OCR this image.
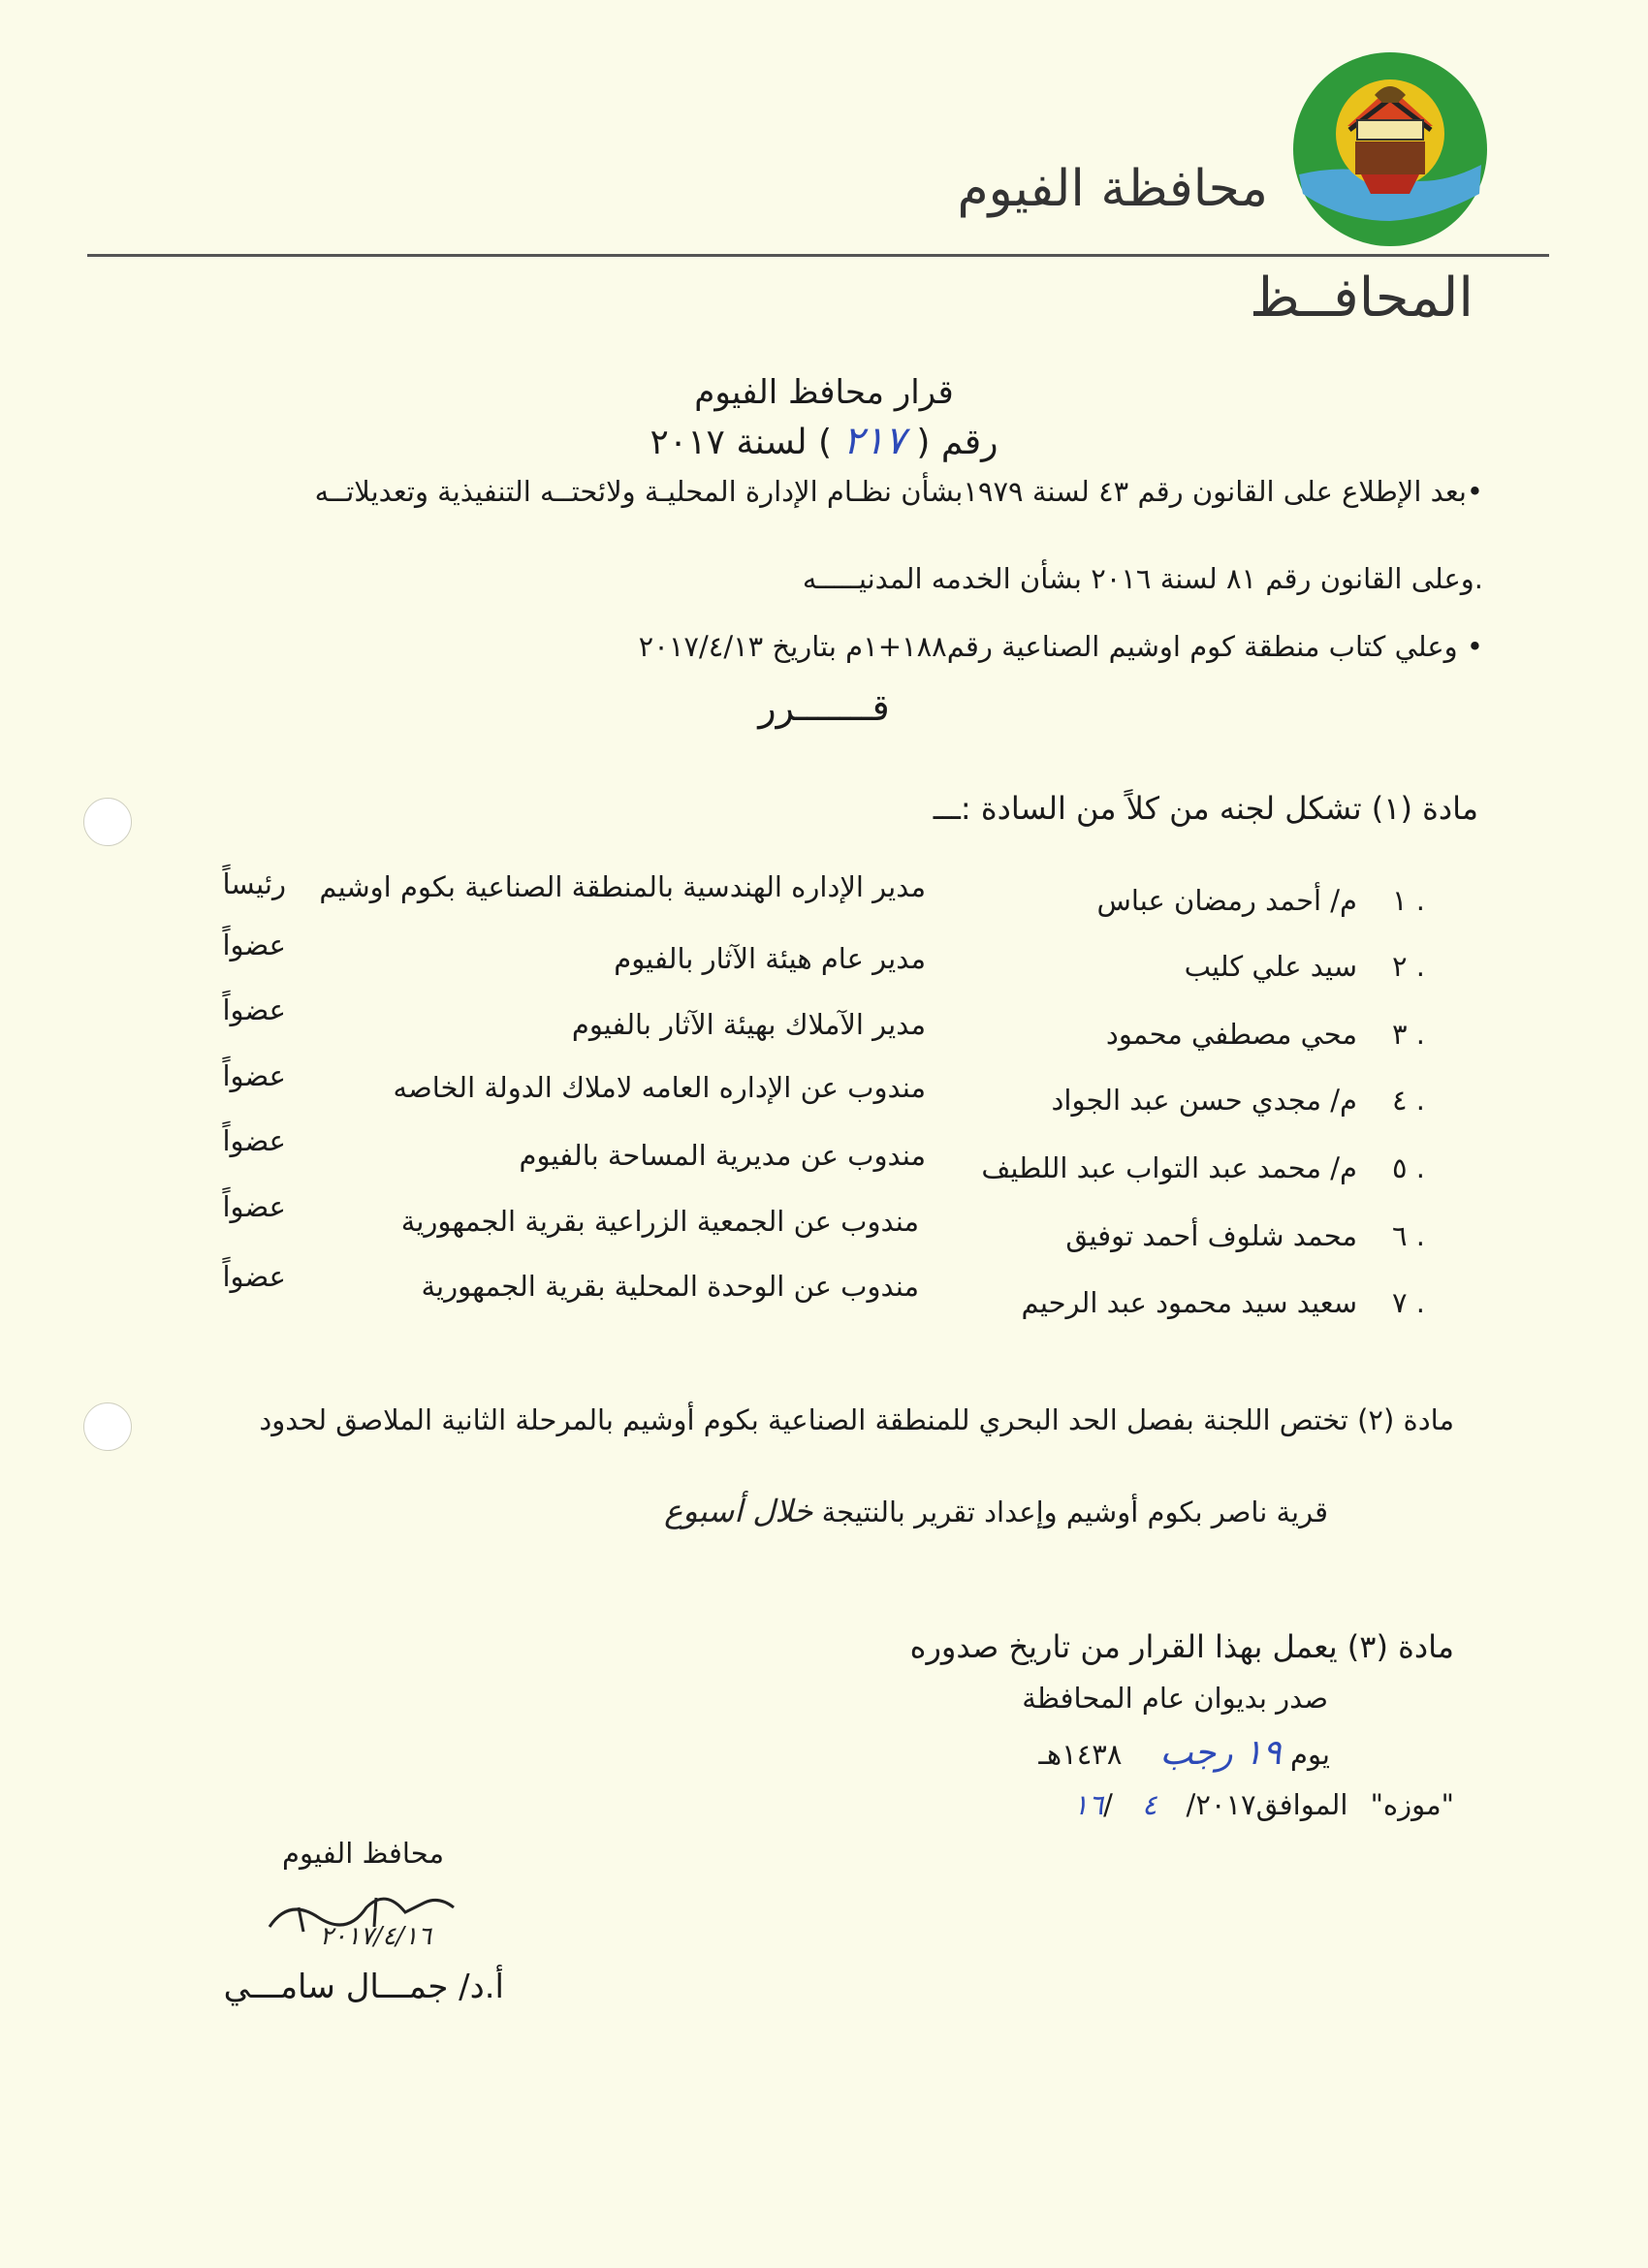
محافظة الفيوم
المحافــظ
قرار محافظ الفيوم
رقم ( ٢١٧ ) لسنة ٢٠١٧
•بعد الإطلاع على القانون رقم ٤٣ لسنة ١٩٧٩بشأن نظـام الإدارة المحليـة ولائحتــه التنفيذية وتعديلاتــه
.وعلى القانون رقم ٨١ لسنة ٢٠١٦ بشأن الخدمه المدنيـــــه
• وعلي كتاب منطقة كوم اوشيم الصناعية رقم١٨٨+١م بتاريخ ٢٠١٧/٤/١٣
قـــــــرر
مادة (١) تشكل لجنه من كلاً من السادة :ـــ
١ .
م/ أحمد رمضان عباس
مدير الإداره الهندسية بالمنطقة الصناعية بكوم اوشيم
رئيساً
٢ .
سيد علي كليب
مدير عام هيئة الآثار بالفيوم
عضواً
٣ .
محي مصطفي محمود
مدير الآملاك بهيئة الآثار بالفيوم
عضواً
٤ .
م/ مجدي حسن عبد الجواد
مندوب عن الإداره العامه لاملاك الدولة الخاصه
عضواً
٥ .
م/ محمد عبد التواب عبد اللطيف
مندوب عن مديرية المساحة بالفيوم
عضواً
٦ .
محمد شلوف أحمد توفيق
مندوب عن الجمعية الزراعية بقرية الجمهورية
عضواً
٧ .
سعيد سيد محمود عبد الرحيم
مندوب عن الوحدة المحلية بقرية الجمهورية
عضواً
مادة (٢) تختص اللجنة بفصل الحد البحري للمنطقة الصناعية بكوم أوشيم بالمرحلة الثانية الملاصق لحدود
قرية ناصر بكوم أوشيم وإعداد تقرير بالنتيجة خلال أسبوع
مادة (٣) يعمل بهذا القرار من تاريخ صدوره
صدر بديوان عام المحافظة
يوم ١٩ رجب ١٤٣٨هـ
"موزه" الموافق١٦/ ٤ /٢٠١٧
محافظ الفيوم
٢٠١٧/٤/١٦
أ.د/ جمـــال سامـــي
